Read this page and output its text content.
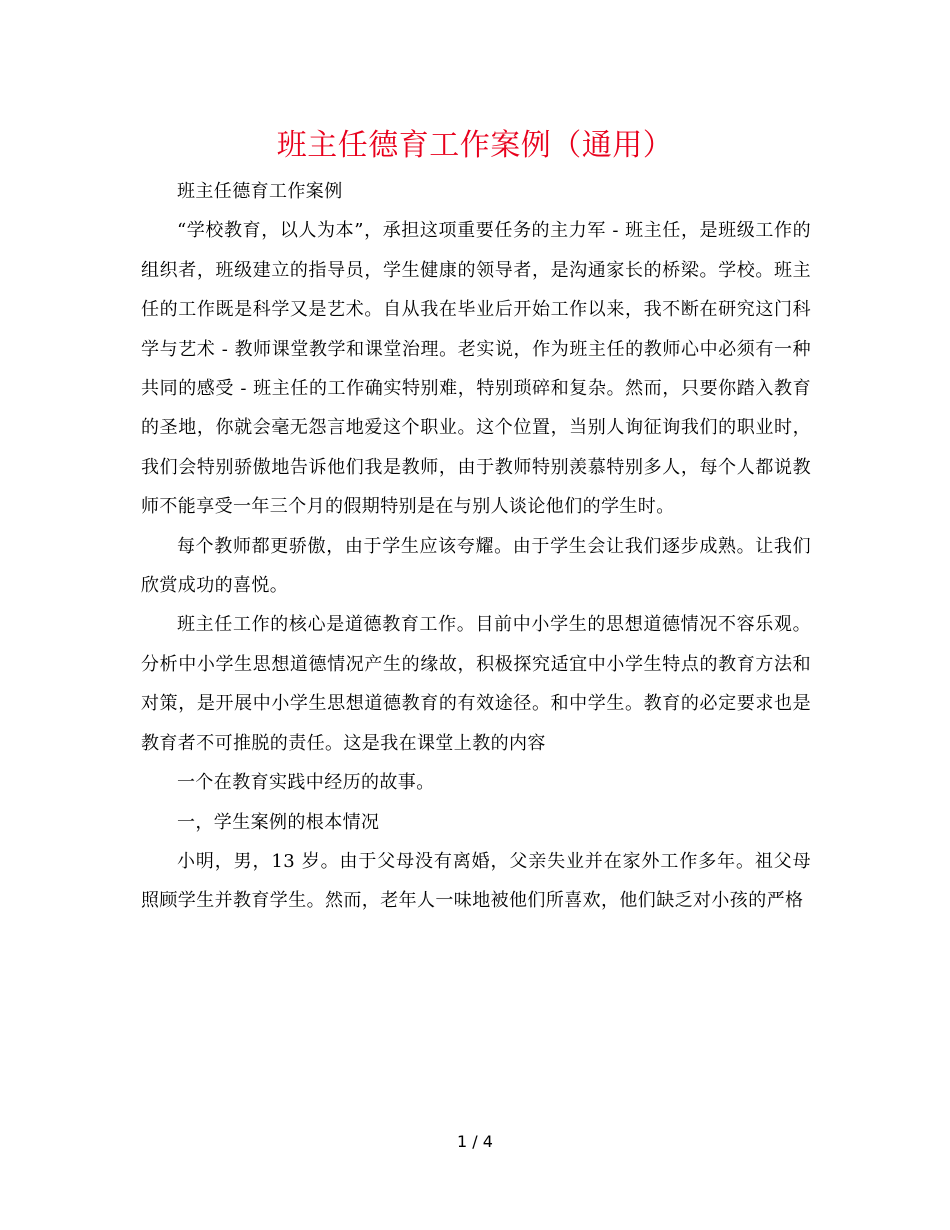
班主任德育工作案例（通用）

班主任德育工作案例

“学校教育，以人为本”，承担这项重要任务的主力军 - 班主任，是班级工作的组织者，班级建立的指导员，学生健康的领导者，是沟通家长的桥梁。学校。班主任的工作既是科学又是艺术。自从我在毕业后开始工作以来，我不断在研究这门科学与艺术 - 教师课堂教学和课堂治理。老实说，作为班主任的教师心中必须有一种共同的感受 - 班主任的工作确实特别难，特别琐碎和复杂。然而，只要你踏入教育的圣地，你就会毫无怨言地爱这个职业。这个位置，当别人询征询我们的职业时，我们会特别骄傲地告诉他们我是教师，由于教师特别羡慕特别多人，每个人都说教师不能享受一年三个月的假期特别是在与别人谈论他们的学生时。

每个教师都更骄傲，由于学生应该夸耀。由于学生会让我们逐步成熟。让我们欣赏成功的喜悦。

班主任工作的核心是道德教育工作。目前中小学生的思想道德情况不容乐观。分析中小学生思想道德情况产生的缘故，积极探究适宜中小学生特点的教育方法和对策，是开展中小学生思想道德教育的有效途径。和中学生。教育的必定要求也是教育者不可推脱的责任。这是我在课堂上教的内容

一个在教育实践中经历的故事。

一，学生案例的根本情况

小明，男，13 岁。由于父母没有离婚，父亲失业并在家外工作多年。祖父母照顾学生并教育学生。然而，老年人一味地被他们所喜欢，他们缺乏对小孩的严格

1 / 4
